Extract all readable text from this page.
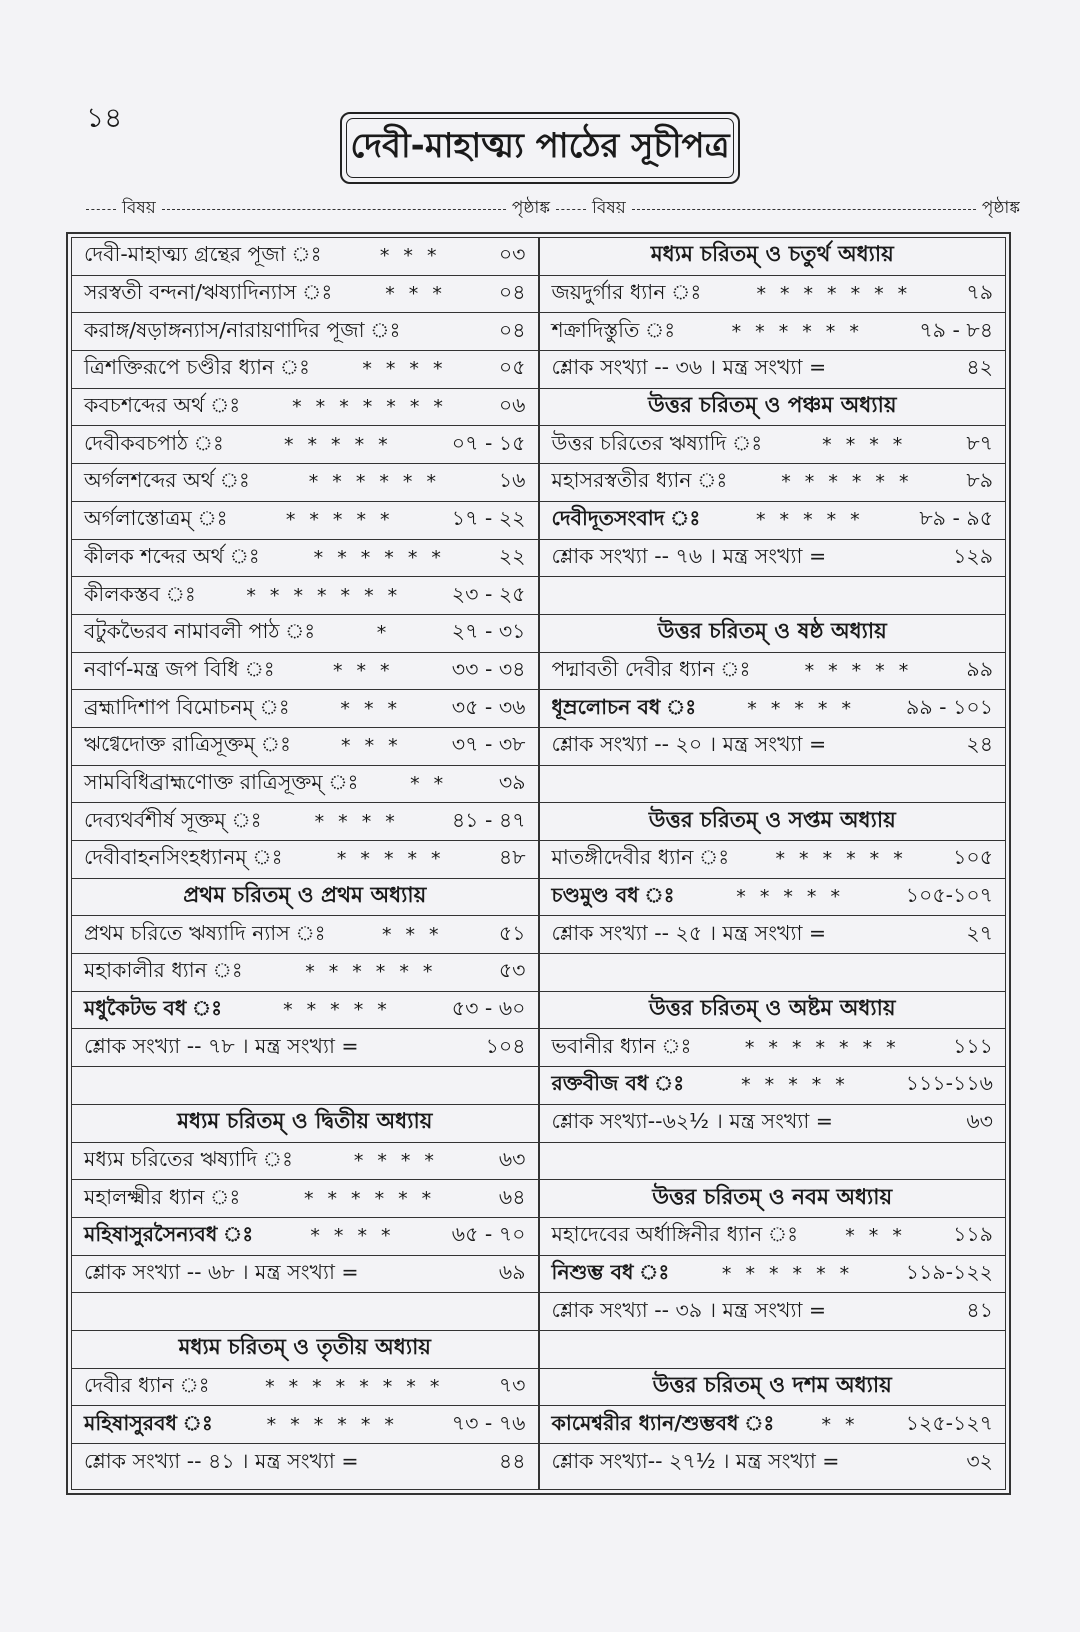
১৪
দেবী-মাহাত্ম্য পাঠের সূচীপত্র
বিষয়	পৃষ্ঠাঙ্ক বিষয়	পৃষ্ঠাঙ্ক
দেবী-মাহাত্ম্য গ্রন্থের পূজা ঃ	* * *	০৩
সরস্বতী বন্দনা/ঋষ্যাদিন্যাস ঃ	* * *	০৪
করাঙ্গ/ষড়াঙ্গন্যাস/নারায়ণাদির পূজা ঃ	০৪
ত্রিশক্তিরূপে চণ্ডীর ধ্যান ঃ	* * * *	০৫
কবচশব্দের অর্থ ঃ	* * * * * * *	০৬
দেবীকবচপাঠ ঃ	* * * * *	০৭ - ১৫
অর্গলশব্দের অর্থ ঃ	* * * * * *	১৬
অর্গলাস্তোত্রম্ ঃ	* * * * *	১৭ - ২২
কীলক শব্দের অর্থ ঃ	* * * * * *	২২
কীলকস্তব ঃ	* * * * * * *	২৩ - ২৫
বটুকভৈরব নামাবলী পাঠ ঃ	*	২৭ - ৩১
নবার্ণ-মন্ত্র জপ বিধি ঃ	* * *	৩৩ - ৩৪
ব্রহ্মাদিশাপ বিমোচনম্ ঃ	* * *	৩৫ - ৩৬
ঋগ্বেদোক্ত রাত্রিসূক্তম্ ঃ	* * *	৩৭ - ৩৮
সামবিধিব্রাহ্মণোক্ত রাত্রিসূক্তম্ ঃ	* *	৩৯
দেব্যথর্বশীর্ষ সূক্তম্ ঃ	* * * *	৪১ - ৪৭
দেবীবাহনসিংহধ্যানম্ ঃ	* * * * *	৪৮
প্রথম চরিতম্ ও প্রথম অধ্যায়
প্রথম চরিতে ঋষ্যাদি ন্যাস ঃ	* * *	৫১
মহাকালীর ধ্যান ঃ	* * * * * *	৫৩
মধুকৈটভ বধ ঃ	* * * * *	৫৩ - ৬০
শ্লোক সংখ্যা -- ৭৮ । মন্ত্র সংখ্যা =	১০৪
মধ্যম চরিতম্ ও দ্বিতীয় অধ্যায়
মধ্যম চরিতের ঋষ্যাদি ঃ	* * * *	৬৩
মহালক্ষ্মীর ধ্যান ঃ	* * * * * *	৬৪
মহিষাসুরসৈন্যবধ ঃ	* * * *	৬৫ - ৭০
শ্লোক সংখ্যা -- ৬৮ । মন্ত্র সংখ্যা =	৬৯
মধ্যম চরিতম্ ও তৃতীয় অধ্যায়
দেবীর ধ্যান ঃ	* * * * * * * *	৭৩
মহিষাসুরবধ ঃ	* * * * * *	৭৩ - ৭৬
শ্লোক সংখ্যা -- ৪১ । মন্ত্র সংখ্যা =	৪৪
মধ্যম চরিতম্ ও চতুর্থ অধ্যায়
জয়দুর্গার ধ্যান ঃ	* * * * * * *	৭৯
শক্রাদিস্তুতি ঃ	* * * * * *	৭৯ - ৮৪
শ্লোক সংখ্যা -- ৩৬ । মন্ত্র সংখ্যা =	৪২
উত্তর চরিতম্ ও পঞ্চম অধ্যায়
উত্তর চরিতের ঋষ্যাদি ঃ	* * * *	৮৭
মহাসরস্বতীর ধ্যান ঃ	* * * * * *	৮৯
দেবীদূতসংবাদ ঃ	* * * * *	৮৯ - ৯৫
শ্লোক সংখ্যা -- ৭৬ । মন্ত্র সংখ্যা =	১২৯
উত্তর চরিতম্ ও ষষ্ঠ অধ্যায়
পদ্মাবতী দেবীর ধ্যান ঃ	* * * * *	৯৯
ধূম্রলোচন বধ ঃ	* * * * *	৯৯ - ১০১
শ্লোক সংখ্যা -- ২০ । মন্ত্র সংখ্যা =	২৪
উত্তর চরিতম্ ও সপ্তম অধ্যায়
মাতঙ্গীদেবীর ধ্যান ঃ	* * * * * *	১০৫
চণ্ডমুণ্ড বধ ঃ	* * * * *	১০৫-১০৭
শ্লোক সংখ্যা -- ২৫ । মন্ত্র সংখ্যা =	২৭
উত্তর চরিতম্ ও অষ্টম অধ্যায়
ভবানীর ধ্যান ঃ	* * * * * * *	১১১
রক্তবীজ বধ ঃ	* * * * *	১১১-১১৬
শ্লোক সংখ্যা--৬২½ । মন্ত্র সংখ্যা =	৬৩
উত্তর চরিতম্ ও নবম অধ্যায়
মহাদেবের অর্ধাঙ্গিনীর ধ্যান ঃ	* * *	১১৯
নিশুম্ভ বধ ঃ	* * * * * *	১১৯-১২২
শ্লোক সংখ্যা -- ৩৯ । মন্ত্র সংখ্যা =	৪১
উত্তর চরিতম্ ও দশম অধ্যায়
কামেশ্বরীর ধ্যান/শুম্ভবধ ঃ	* *	১২৫-১২৭
শ্লোক সংখ্যা-- ২৭½ । মন্ত্র সংখ্যা =	৩২
